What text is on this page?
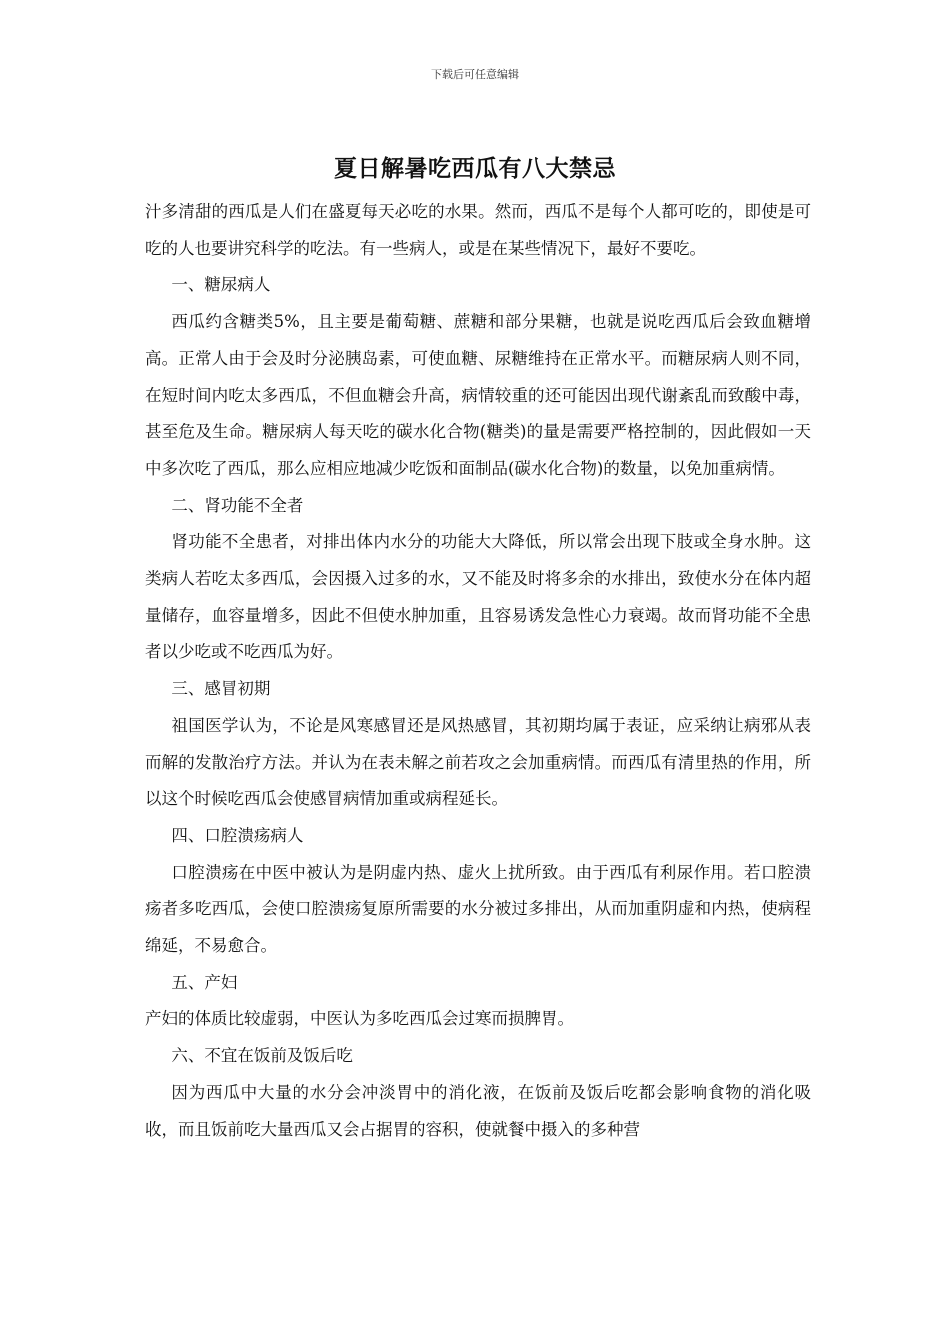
下载后可任意编辑
夏日解暑吃西瓜有八大禁忌

汁多清甜的西瓜是人们在盛夏每天必吃的水果。然而，西瓜不是每个人都可吃的，即使是可吃的人也要讲究科学的吃法。有一些病人，或是在某些情况下，最好不要吃。

一、糖尿病人

西瓜约含糖类5%，且主要是葡萄糖、蔗糖和部分果糖，也就是说吃西瓜后会致血糖增高。正常人由于会及时分泌胰岛素，可使血糖、尿糖维持在正常水平。而糖尿病人则不同，在短时间内吃太多西瓜，不但血糖会升高，病情较重的还可能因出现代谢紊乱而致酸中毒，甚至危及生命。糖尿病人每天吃的碳水化合物(糖类)的量是需要严格控制的，因此假如一天中多次吃了西瓜，那么应相应地减少吃饭和面制品(碳水化合物)的数量，以免加重病情。

二、肾功能不全者

肾功能不全患者，对排出体内水分的功能大大降低，所以常会出现下肢或全身水肿。这类病人若吃太多西瓜，会因摄入过多的水，又不能及时将多余的水排出，致使水分在体内超量储存，血容量增多，因此不但使水肿加重，且容易诱发急性心力衰竭。故而肾功能不全患者以少吃或不吃西瓜为好。

三、感冒初期

祖国医学认为，不论是风寒感冒还是风热感冒，其初期均属于表证，应采纳让病邪从表而解的发散治疗方法。并认为在表未解之前若攻之会加重病情。而西瓜有清里热的作用，所以这个时候吃西瓜会使感冒病情加重或病程延长。

四、口腔溃疡病人

口腔溃疡在中医中被认为是阴虚内热、虚火上扰所致。由于西瓜有利尿作用。若口腔溃疡者多吃西瓜，会使口腔溃疡复原所需要的水分被过多排出，从而加重阴虚和内热，使病程绵延，不易愈合。

五、产妇

产妇的体质比较虚弱，中医认为多吃西瓜会过寒而损脾胃。

六、不宜在饭前及饭后吃

因为西瓜中大量的水分会冲淡胃中的消化液，在饭前及饭后吃都会影响食物的消化吸收，而且饭前吃大量西瓜又会占据胃的容积，使就餐中摄入的多种营
